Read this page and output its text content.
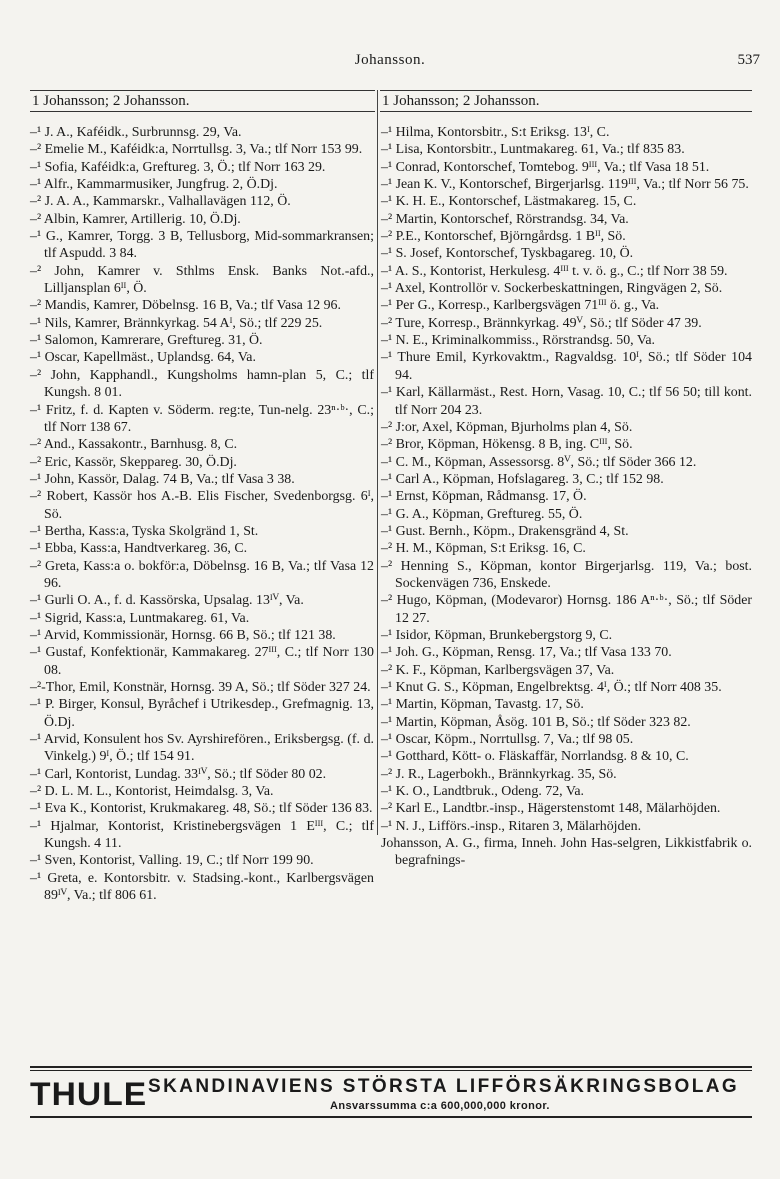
Johansson.	537
1 Johansson; 2 Johansson.	1 Johansson; 2 Johansson.
–¹ J. A., Kaféidk., Surbrunnsg. 29, Va.
–² Emelie M., Kaféidk:a, Norrtullsg. 3, Va.; tlf Norr 153 99.
–¹ Sofia, Kaféidk:a, Greftureg. 3, Ö.; tlf Norr 163 29.
–¹ Alfr., Kammarmusiker, Jungfrug. 2, Ö.Dj.
–² J. A. A., Kammarskr., Valhallavägen 112, Ö.
–² Albin, Kamrer, Artillerig. 10, Ö.Dj.
–¹ G., Kamrer, Torgg. 3 B, Tellusborg, Mid-sommarkransen; tlf Aspudd. 3 84.
–² John, Kamrer v. Sthlms Ensk. Banks Not.-afd., Lilljansplan 6ᴵᴵ, Ö.
–² Mandis, Kamrer, Döbelnsg. 16 B, Va.; tlf Vasa 12 96.
–¹ Nils, Kamrer, Brännkyrkag. 54 Aᴵ, Sö.; tlf 229 25.
–¹ Salomon, Kamrerare, Greftureg. 31, Ö.
–¹ Oscar, Kapellmäst., Uplandsg. 64, Va.
–² John, Kapphandl., Kungsholms hamn-plan 5, C.; tlf Kungsh. 8 01.
–¹ Fritz, f. d. Kapten v. Söderm. reg:te, Tun-nelg. 23ⁿ·ᵇ·, C.; tlf Norr 138 67.
–² And., Kassakontr., Barnhusg. 8, C.
–² Eric, Kassör, Skeppareg. 30, Ö.Dj.
–¹ John, Kassör, Dalag. 74 B, Va.; tlf Vasa 3 38.
–² Robert, Kassör hos A.-B. Elis Fischer, Svedenborgsg. 6ᴵ, Sö.
–¹ Bertha, Kass:a, Tyska Skolgränd 1, St.
–¹ Ebba, Kass:a, Handtverkareg. 36, C.
–² Greta, Kass:a o. bokför:a, Döbelnsg. 16 B, Va.; tlf Vasa 12 96.
–¹ Gurli O. A., f. d. Kassörska, Upsalag. 13ᴵⱽ, Va.
–¹ Sigrid, Kass:a, Luntmakareg. 61, Va.
–¹ Arvid, Kommissionär, Hornsg. 66 B, Sö.; tlf 121 38.
–¹ Gustaf, Konfektionär, Kammakareg. 27ᴵᴵᴵ, C.; tlf Norr 130 08.
–²-Thor, Emil, Konstnär, Hornsg. 39 A, Sö.; tlf Söder 327 24.
–¹ P. Birger, Konsul, Byråchef i Utrikesdep., Grefmagnig. 13, Ö.Dj.
–¹ Arvid, Konsulent hos Sv. Ayrshirefören., Eriksbergsg. (f. d. Vinkelg.) 9ᴵ, Ö.; tlf 154 91.
–¹ Carl, Kontorist, Lundag. 33ᴵⱽ, Sö.; tlf Söder 80 02.
–² D. L. M. L., Kontorist, Heimdalsg. 3, Va.
–¹ Eva K., Kontorist, Krukmakareg. 48, Sö.; tlf Söder 136 83.
–¹ Hjalmar, Kontorist, Kristinebergsvägen 1 Eᴵᴵᴵ, C.; tlf Kungsh. 4 11.
–¹ Sven, Kontorist, Valling. 19, C.; tlf Norr 199 90.
–¹ Greta, e. Kontorsbitr. v. Stadsing.-kont., Karlbergsvägen 89ᴵⱽ, Va.; tlf 806 61.
–¹ Hilma, Kontorsbitr., S:t Eriksg. 13ᴵ, C.
–¹ Lisa, Kontorsbitr., Luntmakareg. 61, Va.; tlf 835 83.
–¹ Conrad, Kontorschef, Tomtebog. 9ᴵᴵᴵ, Va.; tlf Vasa 18 51.
–¹ Jean K. V., Kontorschef, Birgerjarlsg. 119ᴵᴵᴵ, Va.; tlf Norr 56 75.
–¹ K. H. E., Kontorschef, Lästmakareg. 15, C.
–² Martin, Kontorschef, Rörstrandsg. 34, Va.
–² P.E., Kontorschef, Björngårdsg. 1 Bᴵᴵ, Sö.
–¹ S. Josef, Kontorschef, Tyskbagareg. 10, Ö.
–¹ A. S., Kontorist, Herkulesg. 4ᴵᴵᴵ t. v. ö. g., C.; tlf Norr 38 59.
–¹ Axel, Kontrollör v. Sockerbeskattningen, Ringvägen 2, Sö.
–¹ Per G., Korresp., Karlbergsvägen 71ᴵᴵᴵ ö. g., Va.
–² Ture, Korresp., Brännkyrkag. 49ⱽ, Sö.; tlf Söder 47 39.
–¹ N. E., Kriminalkommiss., Rörstrandsg. 50, Va.
–¹ Thure Emil, Kyrkovaktm., Ragvaldsg. 10ᴵ, Sö.; tlf Söder 104 94.
–¹ Karl, Källarmäst., Rest. Horn, Vasag. 10, C.; tlf 56 50; till kont. tlf Norr 204 23.
–² J:or, Axel, Köpman, Bjurholms plan 4, Sö.
–² Bror, Köpman, Hökensg. 8 B, ing. Cᴵᴵᴵ, Sö.
–¹ C. M., Köpman, Assessorsg. 8ⱽ, Sö.; tlf Söder 366 12.
–¹ Carl A., Köpman, Hofslagareg. 3, C.; tlf 152 98.
–¹ Ernst, Köpman, Rådmansg. 17, Ö.
–¹ G. A., Köpman, Greftureg. 55, Ö.
–¹ Gust. Bernh., Köpm., Drakensgränd 4, St.
–² H. M., Köpman, S:t Eriksg. 16, C.
–² Henning S., Köpman, kontor Birgerjarlsg. 119, Va.; bost. Sockenvägen 736, Enskede.
–² Hugo, Köpman, (Modevaror) Hornsg. 186 Aⁿ·ᵇ·, Sö.; tlf Söder 12 27.
–¹ Isidor, Köpman, Brunkebergstorg 9, C.
–¹ Joh. G., Köpman, Rensg. 17, Va.; tlf Vasa 133 70.
–² K. F., Köpman, Karlbergsvägen 37, Va.
–¹ Knut G. S., Köpman, Engelbrektsg. 4ᴵ, Ö.; tlf Norr 408 35.
–¹ Martin, Köpman, Tavastg. 17, Sö.
–¹ Martin, Köpman, Åsög. 101 B, Sö.; tlf Söder 323 82.
–¹ Oscar, Köpm., Norrtullsg. 7, Va.; tlf 98 05.
–¹ Gotthard, Kött- o. Fläskaffär, Norrlandsg. 8 & 10, C.
–² J. R., Lagerbokh., Brännkyrkag. 35, Sö.
–¹ K. O., Landtbruk., Odeng. 72, Va.
–² Karl E., Landtbr.-insp., Hägerstenstomt 148, Mälarhöjden.
–¹ N. J., Lifförs.-insp., Ritaren 3, Mälarhöjden.
Johansson, A. G., firma, Inneh. John Has-selgren, Likkistfabrik o. begrafnings-
THULE SKANDINAVIENS STÖRSTA LIFFÖRSÄKRINGSBOLAG
Ansvarssumma c:a 600,000,000 kronor.
